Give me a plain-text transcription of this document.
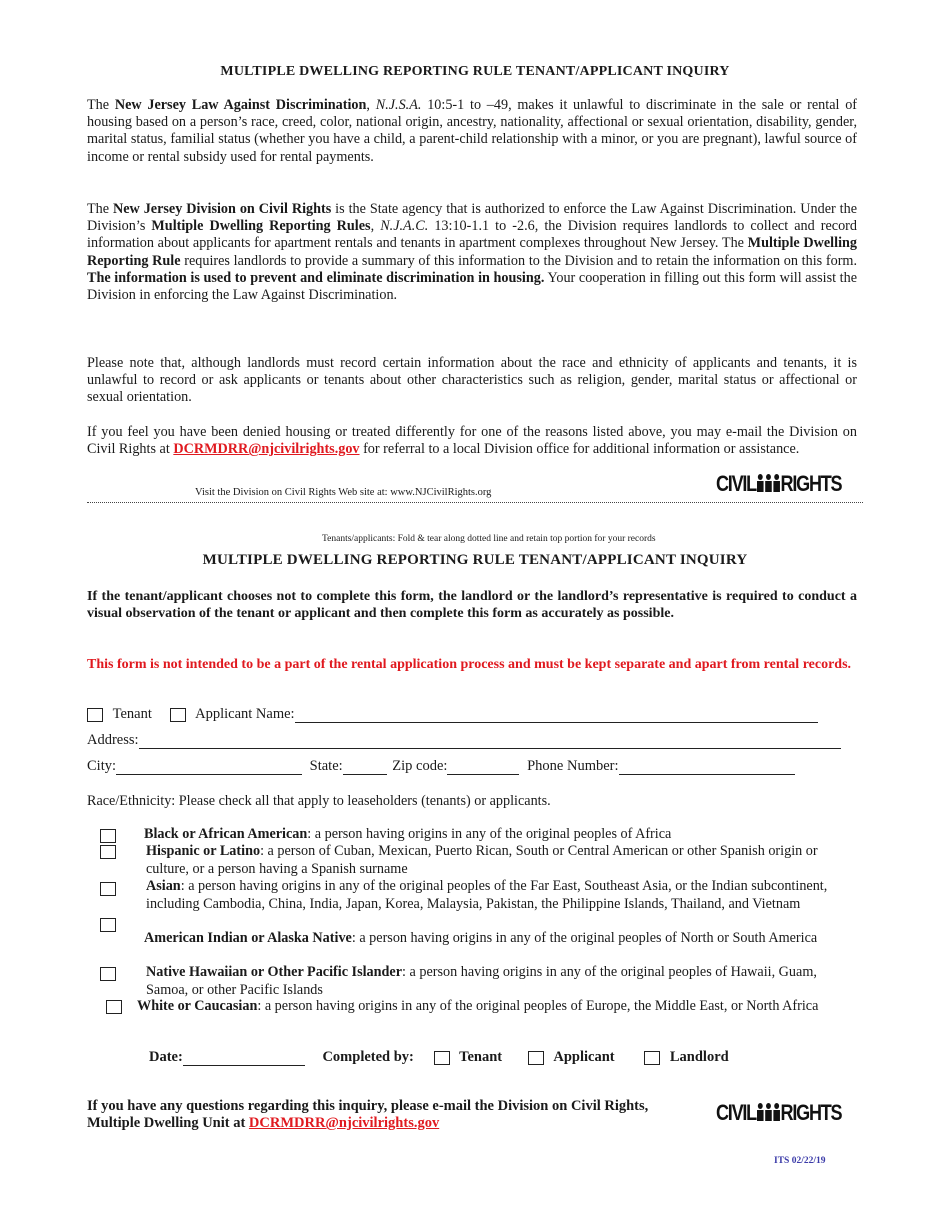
MULTIPLE DWELLING REPORTING RULE TENANT/APPLICANT INQUIRY
The New Jersey Law Against Discrimination, N.J.S.A. 10:5-1 to –49, makes it unlawful to discriminate in the sale or rental of housing based on a person’s race, creed, color, national origin, ancestry, nationality, affectional or sexual orientation, disability, gender, marital status, familial status (whether you have a child, a parent-child relationship with a minor, or you are pregnant), lawful source of income or rental subsidy used for rental payments.
The New Jersey Division on Civil Rights is the State agency that is authorized to enforce the Law Against Discrimination. Under the Division’s Multiple Dwelling Reporting Rules, N.J.A.C. 13:10-1.1 to -2.6, the Division requires landlords to collect and record information about applicants for apartment rentals and tenants in apartment complexes throughout New Jersey. The Multiple Dwelling Reporting Rule requires landlords to provide a summary of this information to the Division and to retain the information on this form. The information is used to prevent and eliminate discrimination in housing. Your cooperation in filling out this form will assist the Division in enforcing the Law Against Discrimination.
Please note that, although landlords must record certain information about the race and ethnicity of applicants and tenants, it is unlawful to record or ask applicants or tenants about other characteristics such as religion, gender, marital status or affectional or sexual orientation.
If you feel you have been denied housing or treated differently for one of the reasons listed above, you may e-mail the Division on Civil Rights at DCRMDRR@njcivilrights.gov for referral to a local Division office for additional information or assistance.
Visit the Division on Civil Rights Web site at: www.NJCivilRights.org	CIVIL RIGHTS
Tenants/applicants: Fold & tear along dotted line and retain top portion for your records
MULTIPLE DWELLING REPORTING RULE TENANT/APPLICANT INQUIRY
If the tenant/applicant chooses not to complete this form, the landlord or the landlord’s representative is required to conduct a visual observation of the tenant or applicant and then complete this form as accurately as possible.
This form is not intended to be a part of the rental application process and must be kept separate and apart from rental records.
Tenant	Applicant Name:
Address:
City:	State:	Zip code:	Phone Number:
Race/Ethnicity: Please check all that apply to leaseholders (tenants) or applicants.
Black or African American: a person having origins in any of the original peoples of Africa
Hispanic or Latino: a person of Cuban, Mexican, Puerto Rican, South or Central American or other Spanish origin or culture, or a person having a Spanish surname
Asian: a person having origins in any of the original peoples of the Far East, Southeast Asia, or the Indian subcontinent, including Cambodia, China, India, Japan, Korea, Malaysia, Pakistan, the Philippine Islands, Thailand, and Vietnam
American Indian or Alaska Native: a person having origins in any of the original peoples of North or South America
Native Hawaiian or Other Pacific Islander: a person having origins in any of the original peoples of Hawaii, Guam, Samoa, or other Pacific Islands
White or Caucasian: a person having origins in any of the original peoples of Europe, the Middle East, or North Africa
Date:	Completed by:	Tenant	Applicant	Landlord
If you have any questions regarding this inquiry, please e-mail the Division on Civil Rights, Multiple Dwelling Unit at DCRMDRR@njcivilrights.gov	CIVIL RIGHTS
ITS 02/22/19
